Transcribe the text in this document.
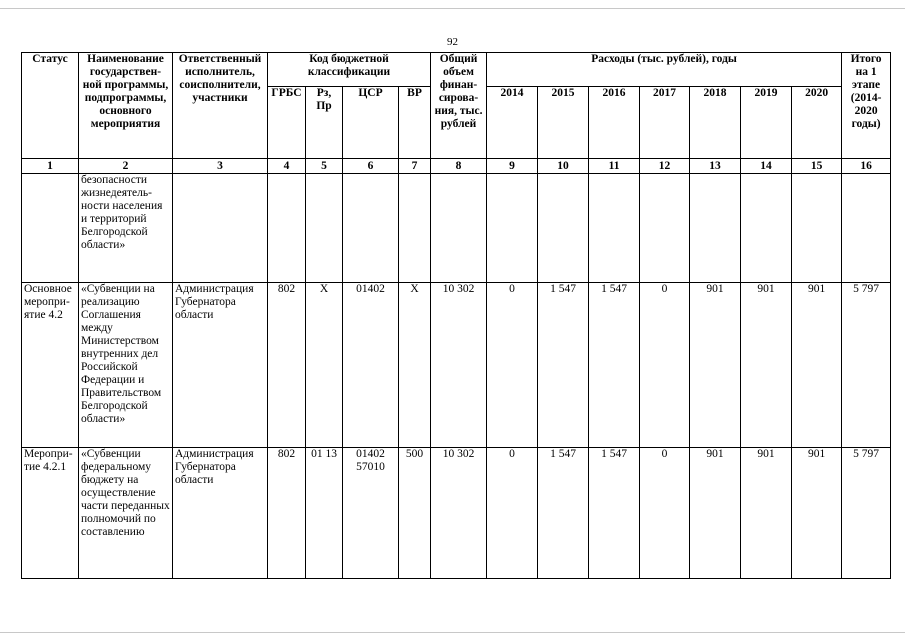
92
Статус	Наименование государствен-ной программы, подпрограммы, основного мероприятия	Ответственный исполнитель, соисполнители, участники	Код бюджетной классификации				Общий объем финан-сирова-ния, тыс. рублей	Расходы (тыс. рублей), годы							Итого на 1 этапе (2014-2020 годы)
			ГРБС	Рз, Пр	ЦСР	ВР		2014	2015	2016	2017	2018	2019	2020	
1	2	3	4	5	6	7	8	9	10	11	12	13	14	15	16
	безопасности жизнедеятель-ности населения и территорий Белгородской области»														
Основное меропри-ятие 4.2	«Субвенции на реализацию Соглашения между Министерством внутренних дел Российской Федерации и Правительством Белгородской области»	Администрация Губернатора области	802	Х	01402	Х	10 302	0	1 547	1 547	0	901	901	901	5 797
Меропри-тие 4.2.1	«Субвенции федеральному бюджету на осуществление части переданных полномочий по составлению	Администрация Губернатора области	802	01 13	01402 57010	500	10 302	0	1 547	1 547	0	901	901	901	5 797
